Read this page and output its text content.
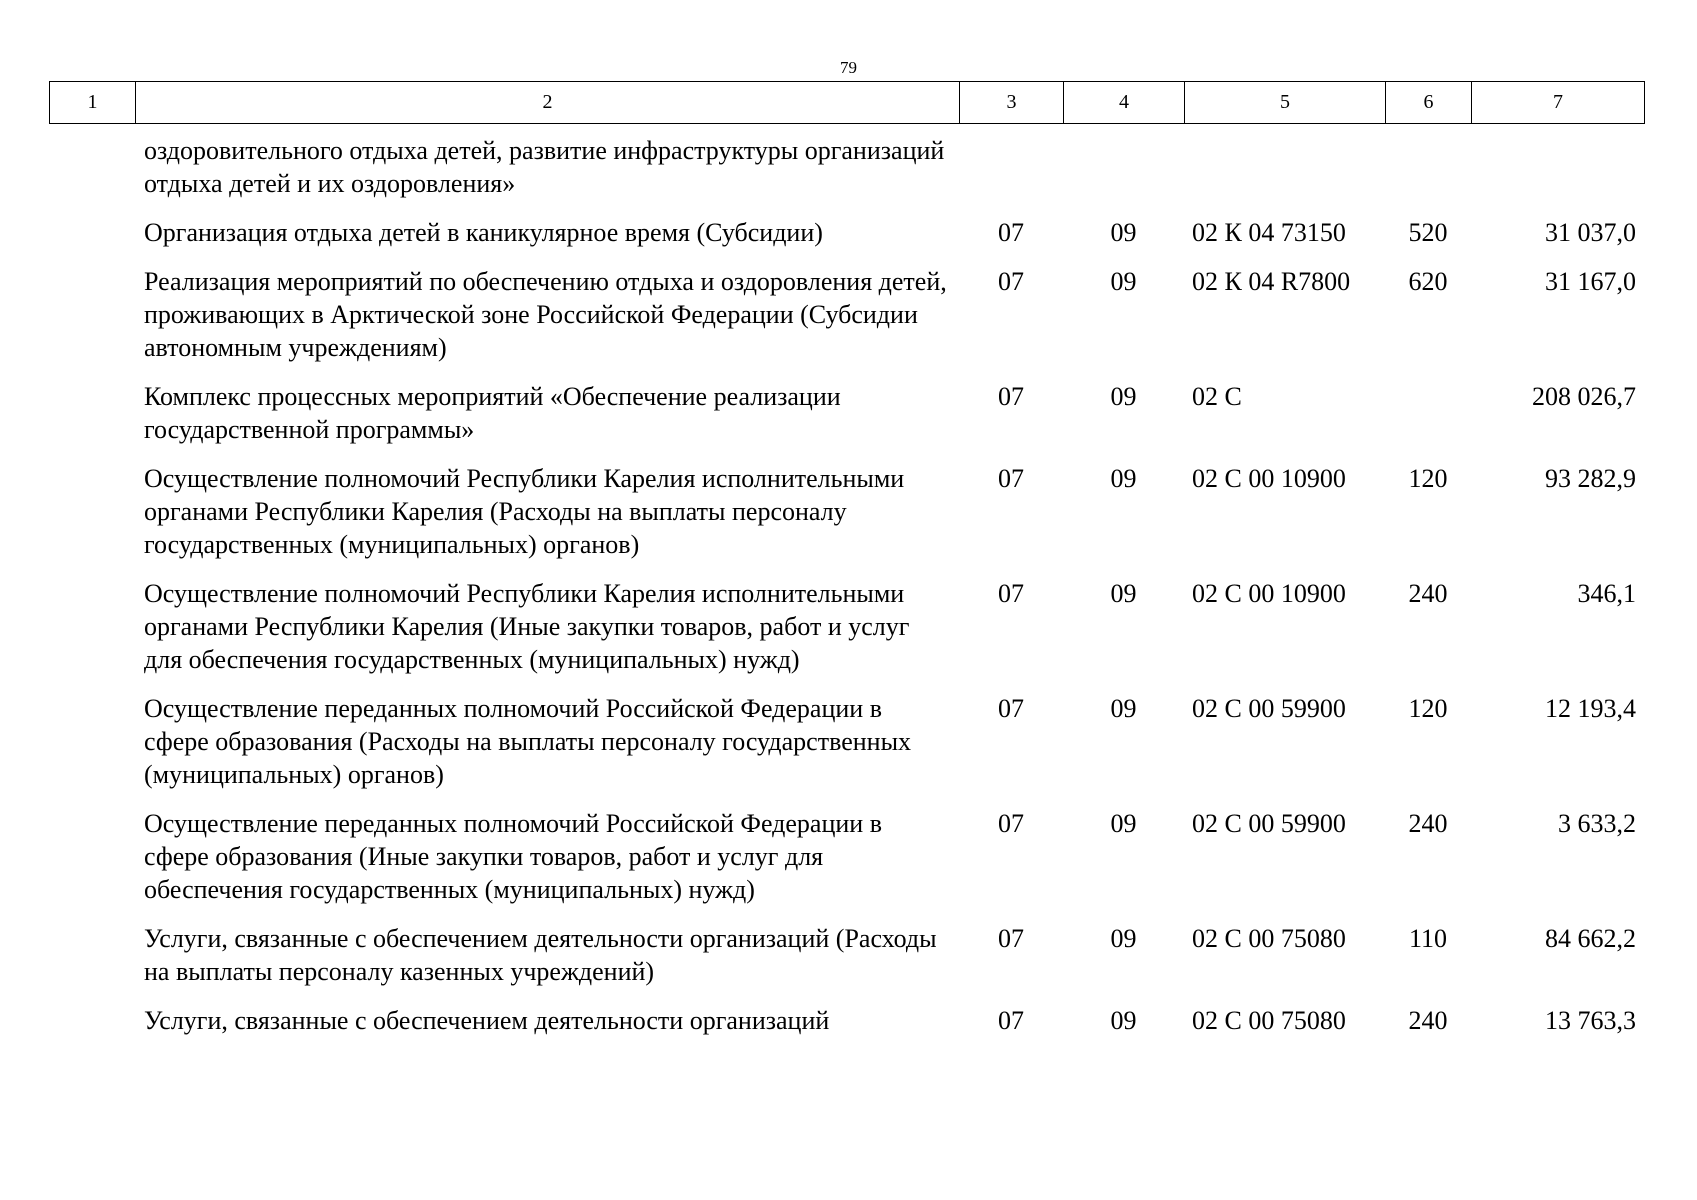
79
1	2	3	4	5	6	7
оздоровительного отдыха детей, развитие инфраструктуры организаций отдыха детей и их оздоровления»					
Организация отдыха детей в каникулярное время (Субсидии)	07	09	02 К 04 73150	520	31 037,0
Реализация мероприятий по обеспечению отдыха и оздоровления детей, проживающих в Арктической зоне Российской Федерации (Субсидии автономным учреждениям)	07	09	02 К 04 R7800	620	31 167,0
Комплекс процессных мероприятий «Обеспечение реализации государственной программы»	07	09	02 С		208 026,7
Осуществление полномочий Республики Карелия исполнительными органами Республики Карелия (Расходы на выплаты персоналу государственных (муниципальных) органов)	07	09	02 С 00 10900	120	93 282,9
Осуществление полномочий Республики Карелия исполнительными органами Республики Карелия (Иные закупки товаров, работ и услуг для обеспечения государственных (муниципальных) нужд)	07	09	02 С 00 10900	240	346,1
Осуществление переданных полномочий Российской Федерации в сфере образования (Расходы на выплаты персоналу государственных (муниципальных) органов)	07	09	02 С 00 59900	120	12 193,4
Осуществление переданных полномочий Российской Федерации в сфере образования (Иные закупки товаров, работ и услуг для обеспечения государственных (муниципальных) нужд)	07	09	02 С 00 59900	240	3 633,2
Услуги, связанные с обеспечением деятельности организаций (Расходы на выплаты персоналу казенных учреждений)	07	09	02 С 00 75080	110	84 662,2
Услуги, связанные с обеспечением деятельности организаций	07	09	02 С 00 75080	240	13 763,3
